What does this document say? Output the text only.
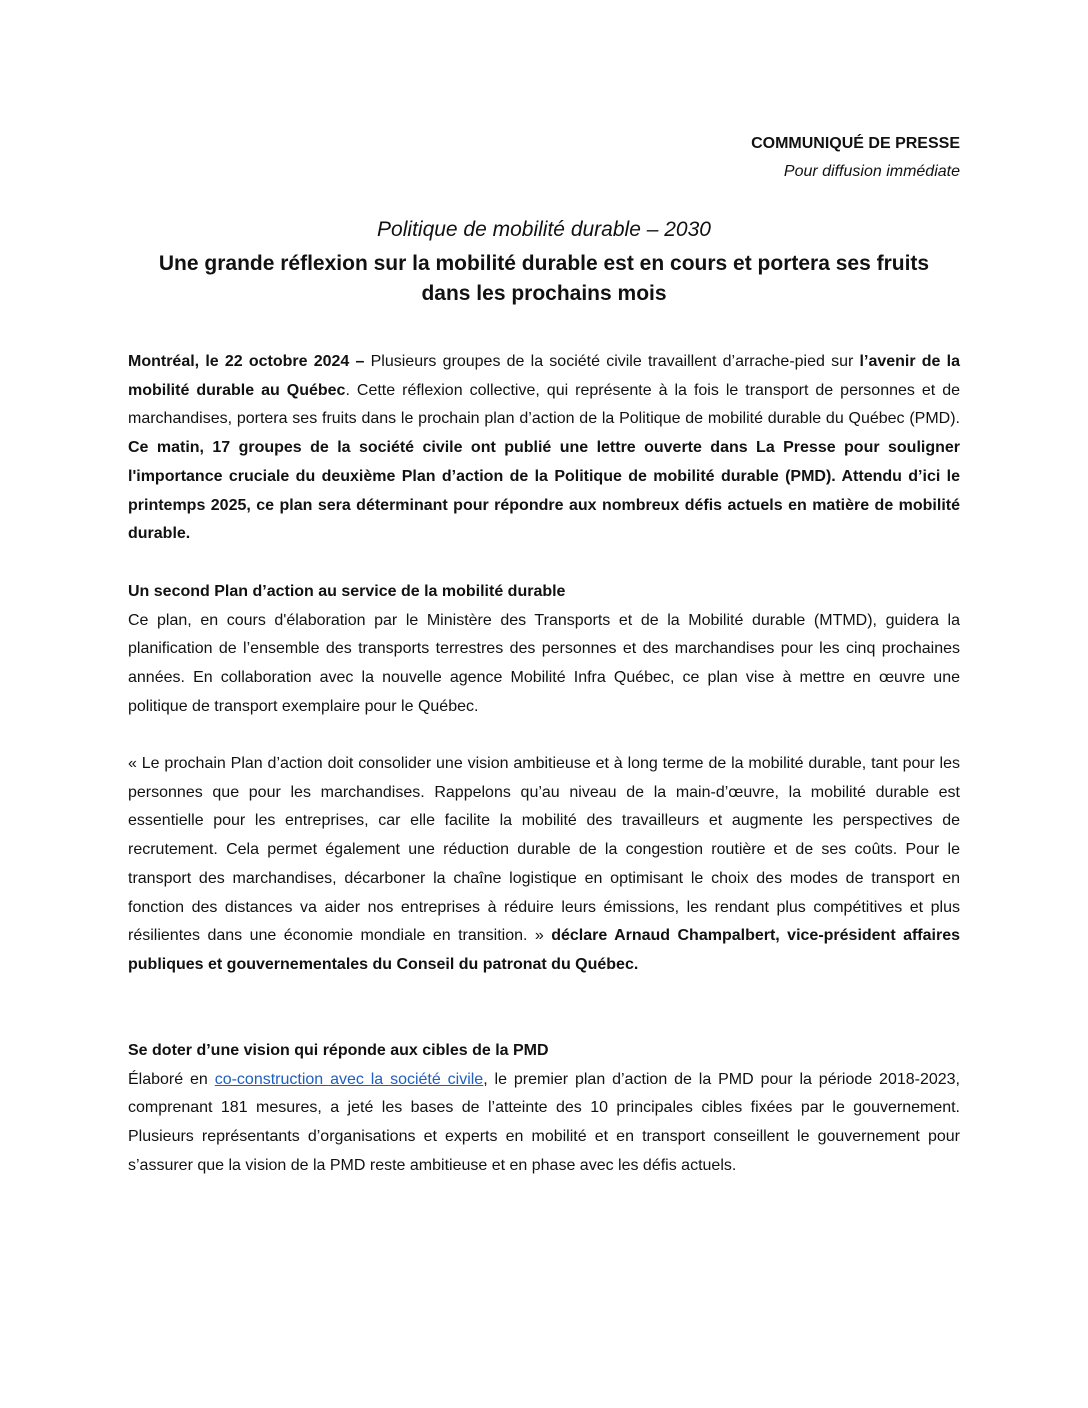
COMMUNIQUÉ DE PRESSE
Pour diffusion immédiate
Politique de mobilité durable – 2030
Une grande réflexion sur la mobilité durable est en cours et portera ses fruits
dans les prochains mois

Montréal, le 22 octobre 2024 – Plusieurs groupes de la société civile travaillent d’arrache-pied sur l’avenir de la mobilité durable au Québec. Cette réflexion collective, qui représente à la fois le transport de personnes et de marchandises, portera ses fruits dans le prochain plan d’action de la Politique de mobilité durable du Québec (PMD). Ce matin, 17 groupes de la société civile ont publié une lettre ouverte dans La Presse pour souligner l'importance cruciale du deuxième Plan d’action de la Politique de mobilité durable (PMD). Attendu d’ici le printemps 2025, ce plan sera déterminant pour répondre aux nombreux défis actuels en matière de mobilité durable.

Un second Plan d’action au service de la mobilité durable

Ce plan, en cours d'élaboration par le Ministère des Transports et de la Mobilité durable (MTMD), guidera la planification de l’ensemble des transports terrestres des personnes et des marchandises pour les cinq prochaines années. En collaboration avec la nouvelle agence Mobilité Infra Québec, ce plan vise à mettre en œuvre une politique de transport exemplaire pour le Québec.

« Le prochain Plan d’action doit consolider une vision ambitieuse et à long terme de la mobilité durable, tant pour les personnes que pour les marchandises. Rappelons qu’au niveau de la main-d’œuvre, la mobilité durable est essentielle pour les entreprises, car elle facilite la mobilité des travailleurs et augmente les perspectives de recrutement. Cela permet également une réduction durable de la congestion routière et de ses coûts. Pour le transport des marchandises, décarboner la chaîne logistique en optimisant le choix des modes de transport en fonction des distances va aider nos entreprises à réduire leurs émissions, les rendant plus compétitives et plus résilientes dans une économie mondiale en transition. » déclare Arnaud Champalbert, vice-président affaires publiques et gouvernementales du Conseil du patronat du Québec.

Se doter d’une vision qui réponde aux cibles de la PMD

Élaboré en co-construction avec la société civile, le premier plan d’action de la PMD pour la période 2018-2023, comprenant 181 mesures, a jeté les bases de l’atteinte des 10 principales cibles fixées par le gouvernement. Plusieurs représentants d’organisations et experts en mobilité et en transport conseillent le gouvernement pour s’assurer que la vision de la PMD reste ambitieuse et en phase avec les défis actuels.
